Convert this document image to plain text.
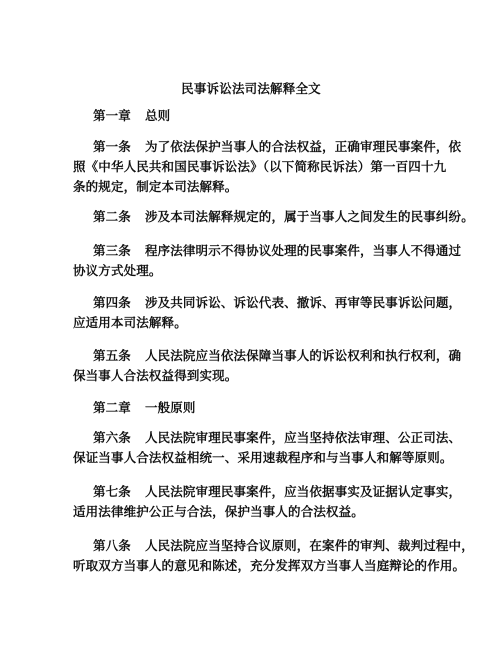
民事诉讼法司法解释全文
第一章 总则
第一条 为了依法保护当事人的合法权益，正确审理民事案件，依
照《中华人民共和国民事诉讼法》（以下简称民诉法）第一百四十九
条的规定，制定本司法解释。
第二条 涉及本司法解释规定的，属于当事人之间发生的民事纠纷。
第三条 程序法律明示不得协议处理的民事案件，当事人不得通过
协议方式处理。
第四条 涉及共同诉讼、诉讼代表、撤诉、再审等民事诉讼问题，
应适用本司法解释。
第五条 人民法院应当依法保障当事人的诉讼权利和执行权利，确
保当事人合法权益得到实现。
第二章 一般原则
第六条 人民法院审理民事案件，应当坚持依法审理、公正司法、
保证当事人合法权益相统一、采用速裁程序和与当事人和解等原则。
第七条 人民法院审理民事案件，应当依据事实及证据认定事实，
适用法律维护公正与合法，保护当事人的合法权益。
第八条 人民法院应当坚持合议原则，在案件的审判、裁判过程中，
听取双方当事人的意见和陈述，充分发挥双方当事人当庭辩论的作用。
